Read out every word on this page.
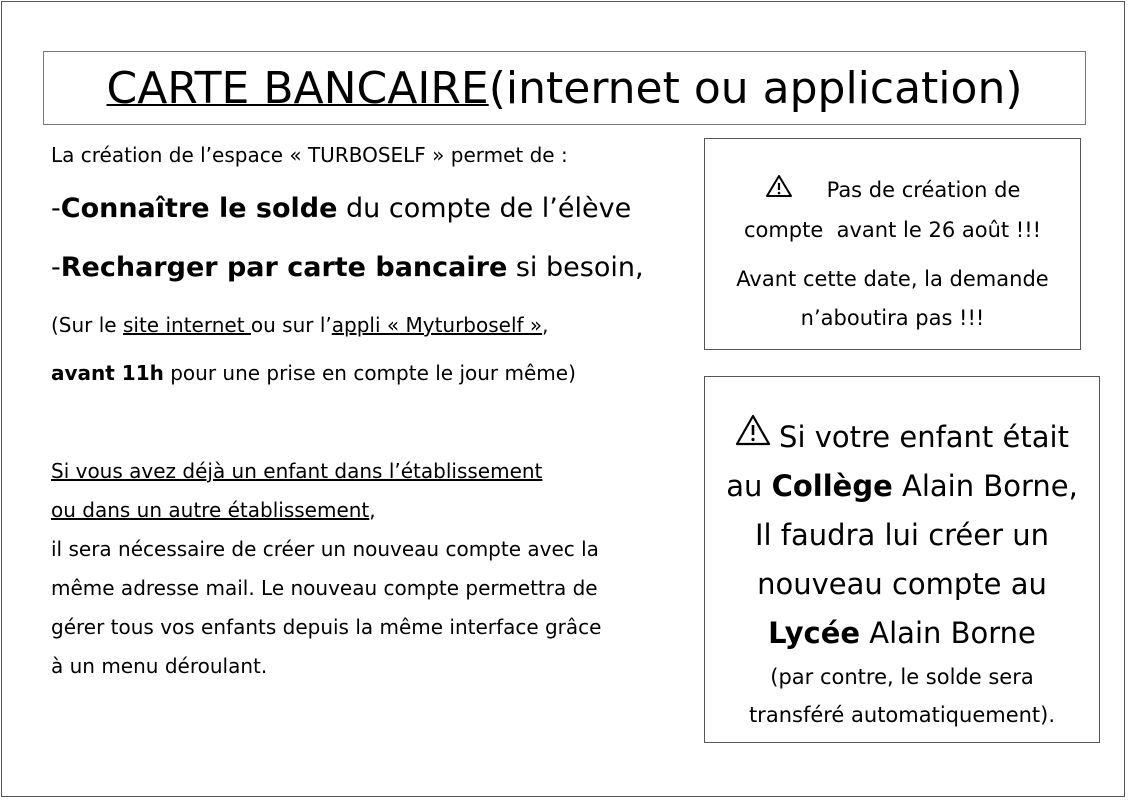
CARTE BANCAIRE (internet ou application)
La création de l’espace « TURBOSELF » permet de :
-Connaître le solde du compte de l’élève
-Recharger par carte bancaire si besoin,
(Sur le site internet ou sur l’appli « Myturboself »,
avant 11h pour une prise en compte le jour même)
Si vous avez déjà un enfant dans l’établissement
ou dans un autre établissement,
il sera nécessaire de créer un nouveau compte avec la
même adresse mail. Le nouveau compte permettra de
gérer tous vos enfants depuis la même interface grâce
à un menu déroulant.
Pas de création de
compte  avant le 26 août !!!
Avant cette date, la demande
n’aboutira pas !!!
Si votre enfant était
au Collège Alain Borne,
Il faudra lui créer un
nouveau compte au
Lycée Alain Borne
(par contre, le solde sera
transféré automatiquement).
